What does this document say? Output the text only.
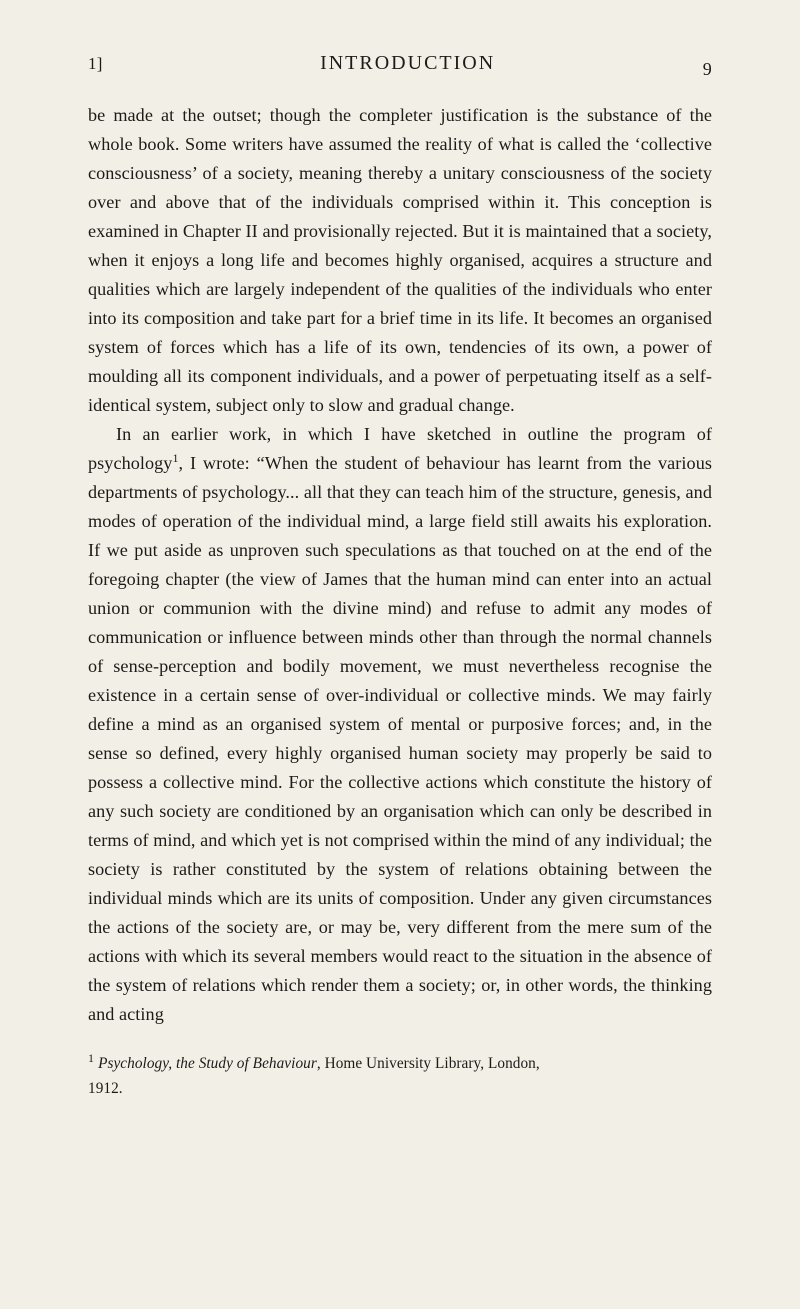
1]	INTRODUCTION	9

be made at the outset; though the completer justification is the substance of the whole book. Some writers have assumed the reality of what is called the ‘collective consciousness’ of a society, meaning thereby a unitary consciousness of the society over and above that of the individuals comprised within it. This conception is examined in Chapter II and provisionally rejected. But it is maintained that a society, when it enjoys a long life and becomes highly organised, acquires a structure and qualities which are largely independent of the qualities of the individuals who enter into its composition and take part for a brief time in its life. It becomes an organised system of forces which has a life of its own, tendencies of its own, a power of moulding all its component individuals, and a power of perpetuating itself as a self-identical system, subject only to slow and gradual change.

In an earlier work, in which I have sketched in outline the program of psychology$^1$, I wrote: “When the student of behaviour has learnt from the various departments of psychology... all that they can teach him of the structure, genesis, and modes of operation of the individual mind, a large field still awaits his exploration. If we put aside as unproven such speculations as that touched on at the end of the foregoing chapter (the view of James that the human mind can enter into an actual union or communion with the divine mind) and refuse to admit any modes of communication or influence between minds other than through the normal channels of sense-perception and bodily movement, we must nevertheless recognise the existence in a certain sense of over-individual or collective minds. We may fairly define a mind as an organised system of mental or purposive forces; and, in the sense so defined, every highly organised human society may properly be said to possess a collective mind. For the collective actions which constitute the history of any such society are conditioned by an organisation which can only be described in terms of mind, and which yet is not comprised within the mind of any individual; the society is rather constituted by the system of relations obtaining between the individual minds which are its units of composition. Under any given circumstances the actions of the society are, or may be, very different from the mere sum of the actions with which its several members would react to the situation in the absence of the system of relations which render them a society; or, in other words, the thinking and acting

$^1$ Psychology, the Study of Behaviour, Home University Library, London,
1912.
